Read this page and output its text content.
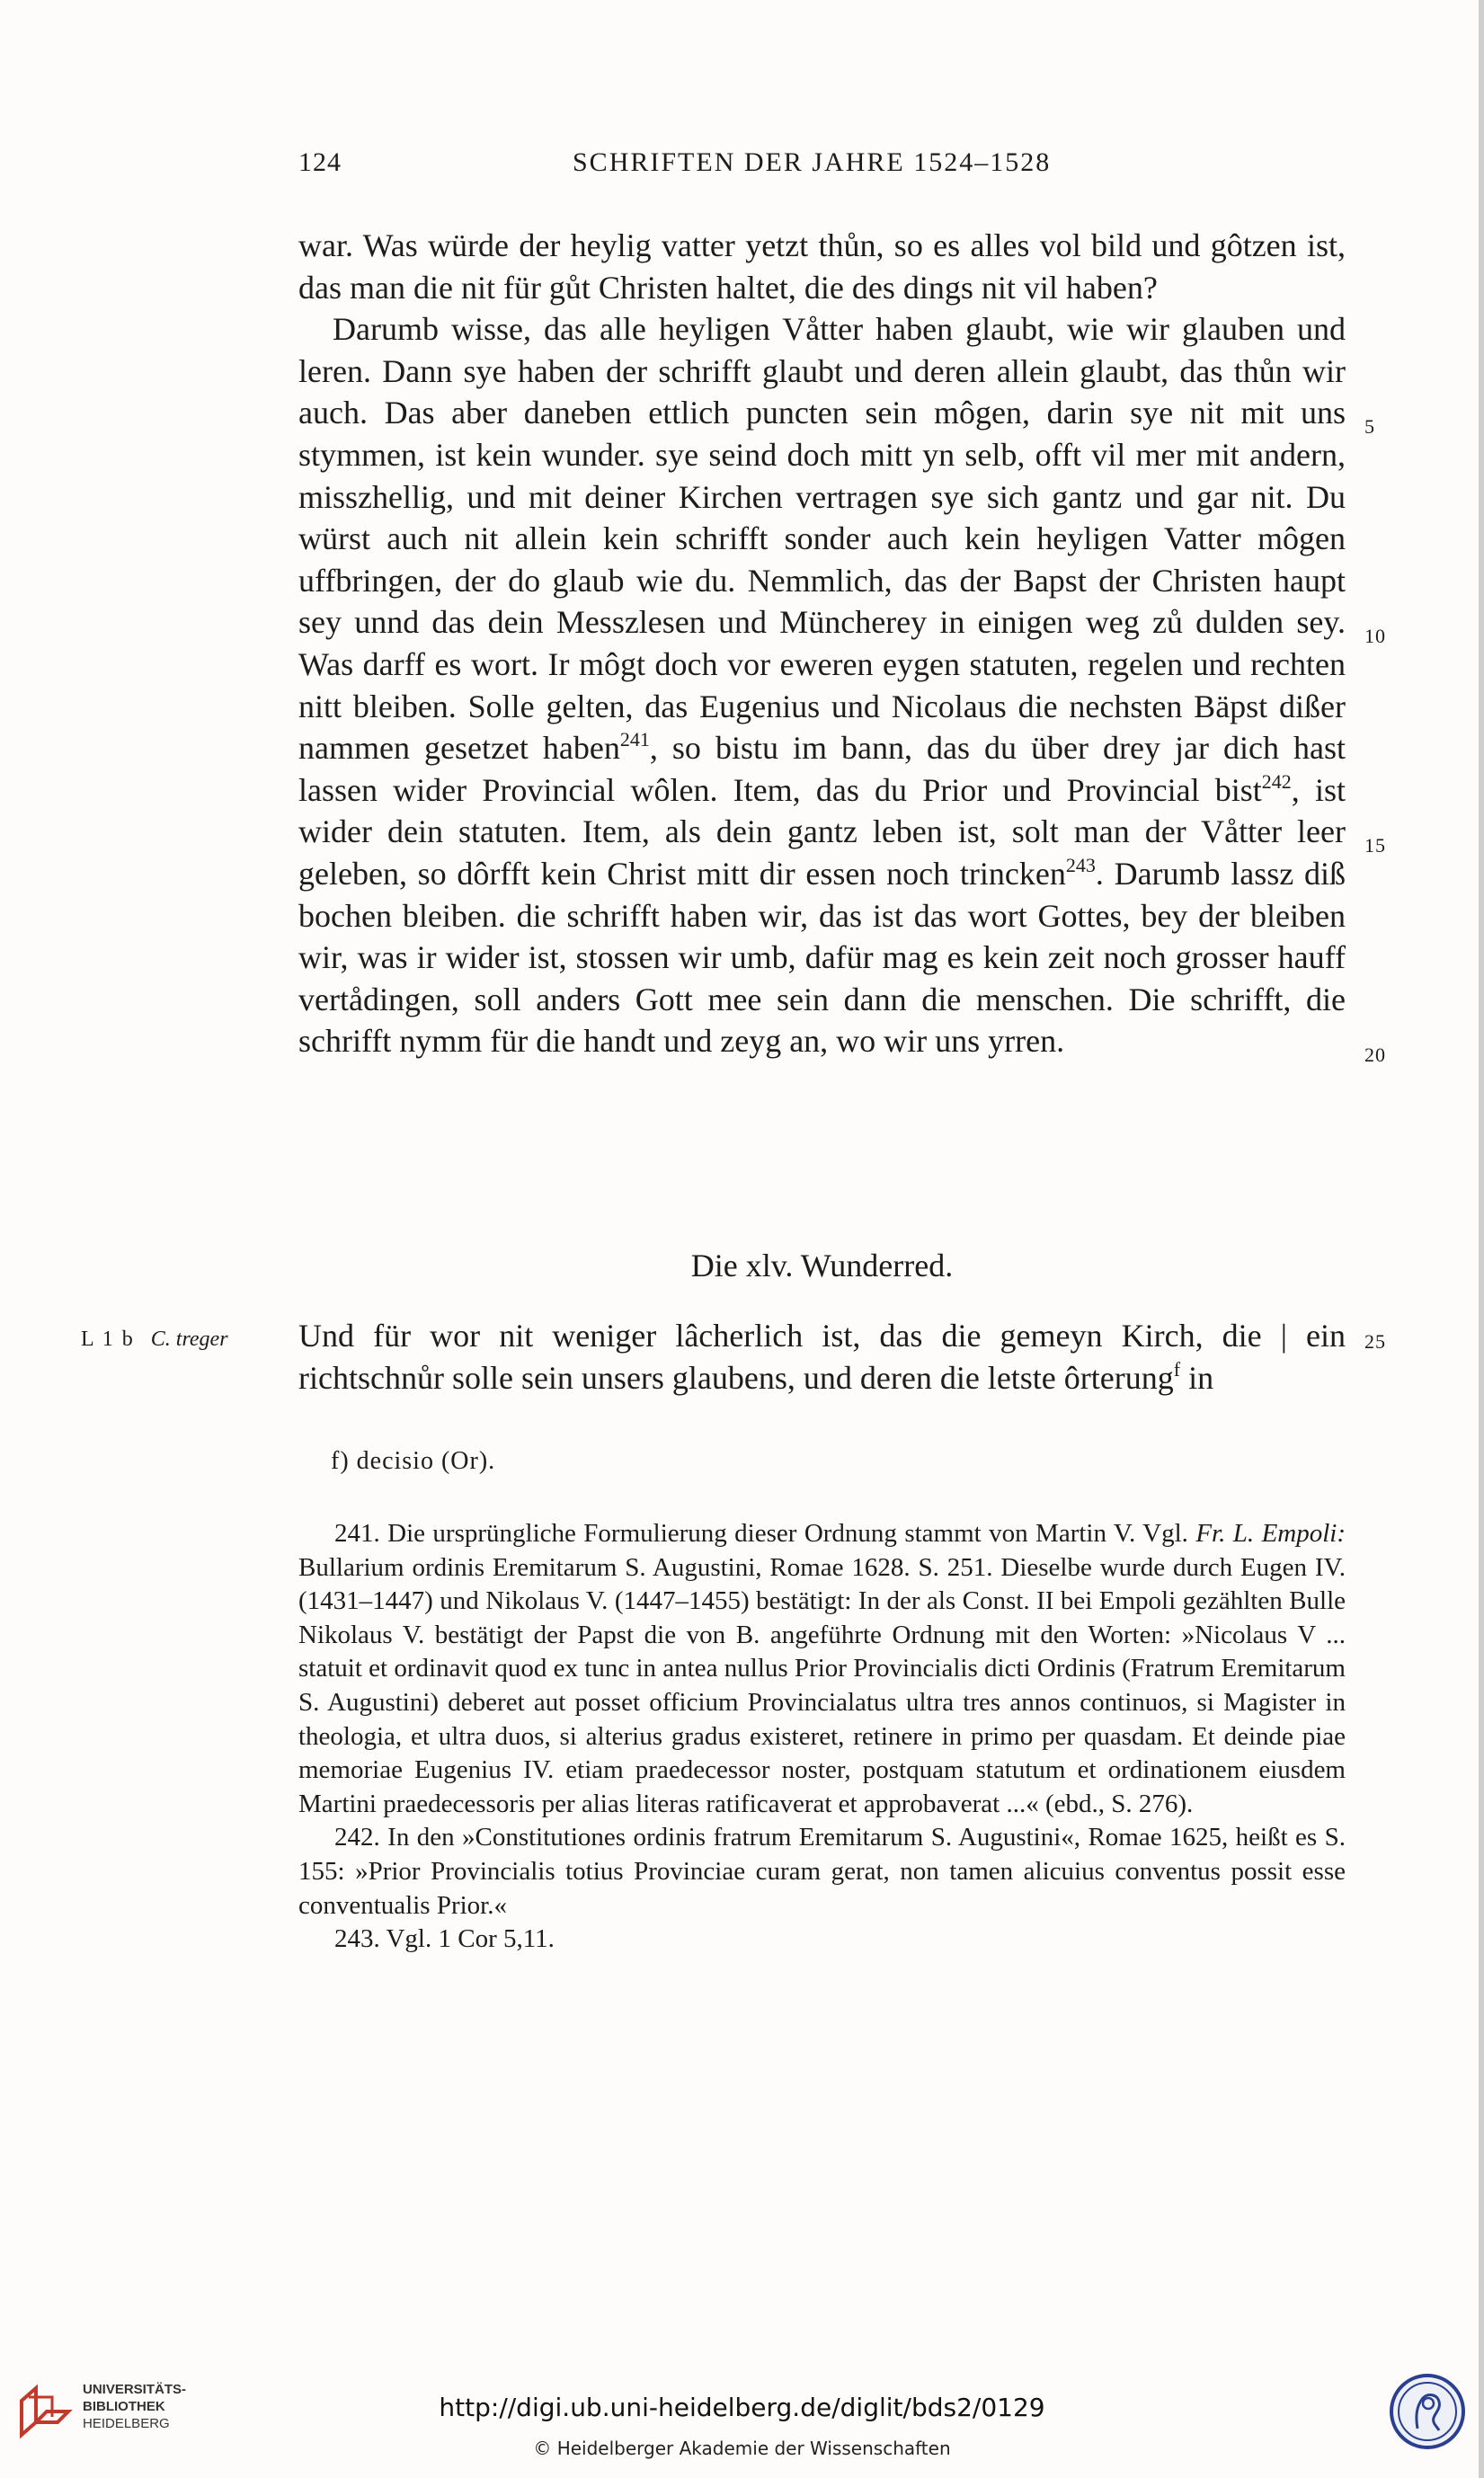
124	SCHRIFTEN DER JAHRE 1524–1528

war. Was würde der heylig vatter yetzt thůn, so es alles vol bild und gôtzen ist, das man die nit für gůt Christen haltet, die des dings nit vil haben?

Darumb wisse, das alle heyligen Våtter haben glaubt, wie wir glauben und leren. Dann sye haben der schrifft glaubt und deren allein glaubt, das thůn wir auch. Das aber daneben ettlich puncten sein môgen, darin sye nit mit uns stymmen, ist kein wunder. sye seind doch mitt yn selb, offt vil mer mit andern, misszhellig, und mit deiner Kirchen vertragen sye sich gantz und gar nit. Du würst auch nit allein kein schrifft sonder auch kein heyligen Vatter môgen uffbringen, der do glaub wie du. Nemmlich, das der Bapst der Christen haupt sey unnd das dein Messzlesen und Müncherey in einigen weg zů dulden sey. Was darff es wort. Ir môgt doch vor eweren eygen statuten, regelen und rechten nitt bleiben. Solle gelten, das Eugenius und Nicolaus die nechsten Bäpst dißer nammen gesetzet haben$^{241}$, so bistu im bann, das du über drey jar dich hast lassen wider Provincial wôlen. Item, das du Prior und Provincial bist$^{242}$, ist wider dein statuten. Item, als dein gantz leben ist, solt man der Våtter leer geleben, so dôrfft kein Christ mitt dir essen noch trincken$^{243}$. Darumb lassz diß bochen bleiben. die schrifft haben wir, das ist das wort Gottes, bey der bleiben wir, was ir wider ist, stossen wir umb, dafür mag es kein zeit noch grosser hauff vertådingen, soll anders Gott mee sein dann die menschen. Die schrifft, die schrifft nymm für die handt und zeyg an, wo wir uns yrren.

Die xlv. Wunderred.

Und für wor nit weniger lâcherlich ist, das die gemeyn Kirch, die | ein richtschnůr solle sein unsers glaubens, und deren die letste ôrterung$^f$ in

5
10
15
20
25
L 1 b C. treger
f) decisio (Or).

241. Die ursprüngliche Formulierung dieser Ordnung stammt von Martin V. Vgl. Fr. L. Empoli: Bullarium ordinis Eremitarum S. Augustini, Romae 1628. S. 251. Dieselbe wurde durch Eugen IV. (1431–1447) und Nikolaus V. (1447–1455) bestätigt: In der als Const. II bei Empoli gezählten Bulle Nikolaus V. bestätigt der Papst die von B. angeführte Ordnung mit den Worten: »Nicolaus V ... statuit et ordinavit quod ex tunc in antea nullus Prior Provincialis dicti Ordinis (Fratrum Eremitarum S. Augustini) deberet aut posset officium Provincialatus ultra tres annos continuos, si Magister in theologia, et ultra duos, si alterius gradus existeret, retinere in primo per quasdam. Et deinde piae memoriae Eugenius IV. etiam praedecessor noster, postquam statutum et ordinationem eiusdem Martini praedecessoris per alias literas ratificaverat et approbaverat ...« (ebd., S. 276).

242. In den »Constitutiones ordinis fratrum Eremitarum S. Augustini«, Romae 1625, heißt es S. 155: »Prior Provincialis totius Provinciae curam gerat, non tamen alicuius conventus possit esse conventualis Prior.«

243. Vgl. 1 Cor 5,11.

UNIVERSITÄTS-
BIBLIOTHEK
HEIDELBERG
http://digi.ub.uni-heidelberg.de/diglit/bds2/0129
© Heidelberger Akademie der Wissenschaften
